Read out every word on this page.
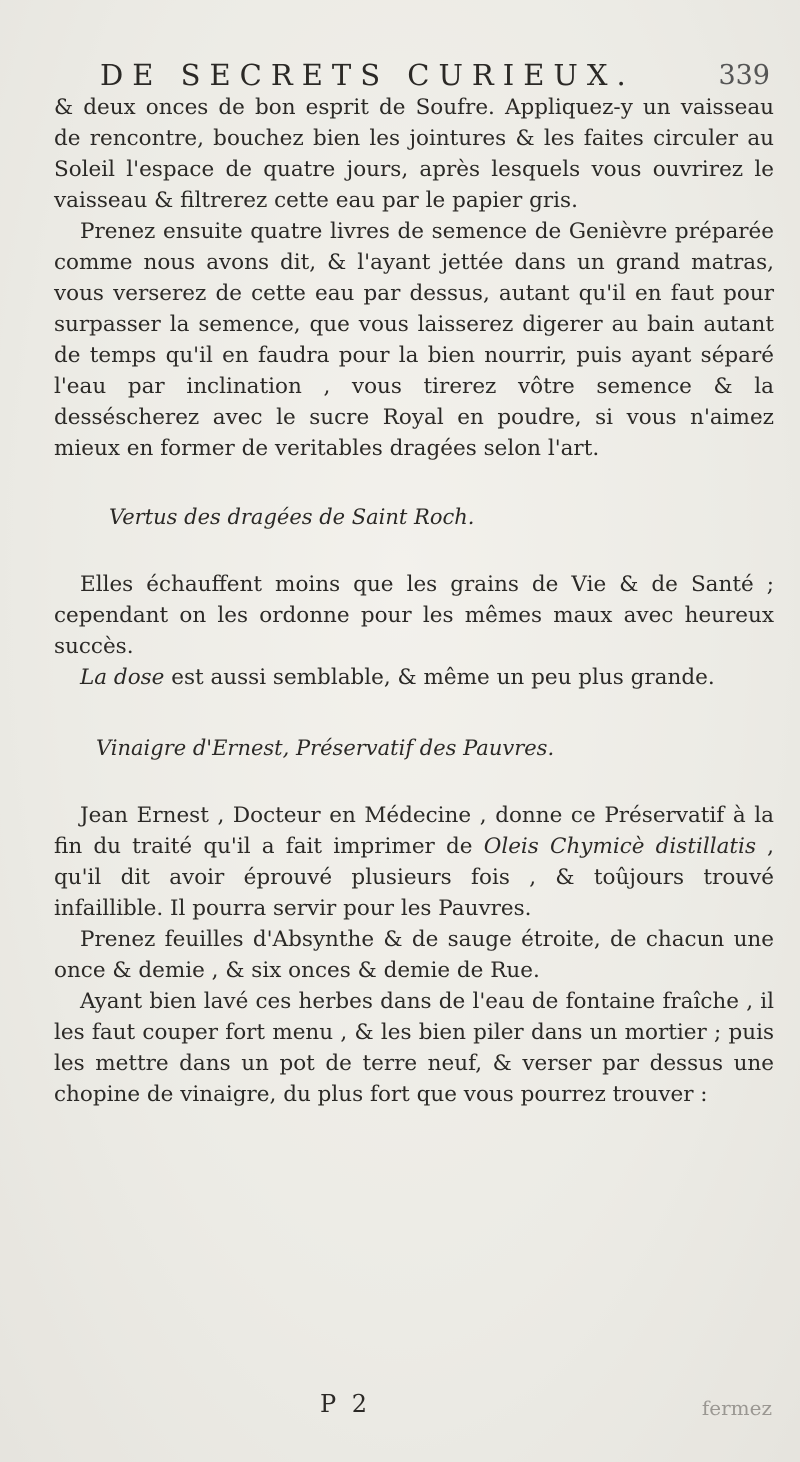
DE SECRETS CURIEUX.	339

& deux onces de bon esprit de Soufre. Appliquez-y un vaisseau de rencontre, bouchez bien les jointures & les faites circuler au Soleil l'espace de quatre jours, après lesquels vous ouvrirez le vaisseau & filtrerez cette eau par le papier gris.

Prenez ensuite quatre livres de semence de Genièvre préparée comme nous avons dit, & l'ayant jettée dans un grand matras, vous verserez de cette eau par dessus, autant qu'il en faut pour surpasser la semence, que vous laisserez digerer au bain autant de temps qu'il en faudra pour la bien nourrir, puis ayant séparé l'eau par inclination , vous tirerez vôtre semence & la desséscherez avec le sucre Royal en poudre, si vous n'aimez mieux en former de veritables dragées selon l'art.

Vertus des dragées de Saint Roch.

Elles échauffent moins que les grains de Vie & de Santé ; cependant on les ordonne pour les mêmes maux avec heureux succès.

La dose est aussi semblable, & même un peu plus grande.

Vinaigre d'Ernest, Préservatif des Pauvres.

Jean Ernest , Docteur en Médecine , donne ce Préservatif à la fin du traité qu'il a fait imprimer de Oleis Chymicè distillatis , qu'il dit avoir éprouvé plusieurs fois , & toûjours trouvé infaillible. Il pourra servir pour les Pauvres.

Prenez feuilles d'Absynthe & de sauge étroite, de chacun une once & demie , & six onces & demie de Rue.

Ayant bien lavé ces herbes dans de l'eau de fontaine fraîche , il les faut couper fort menu , & les bien piler dans un mortier ; puis les mettre dans un pot de terre neuf, & verser par dessus une chopine de vinaigre, du plus fort que vous pourrez trouver :

P 2	fermez
